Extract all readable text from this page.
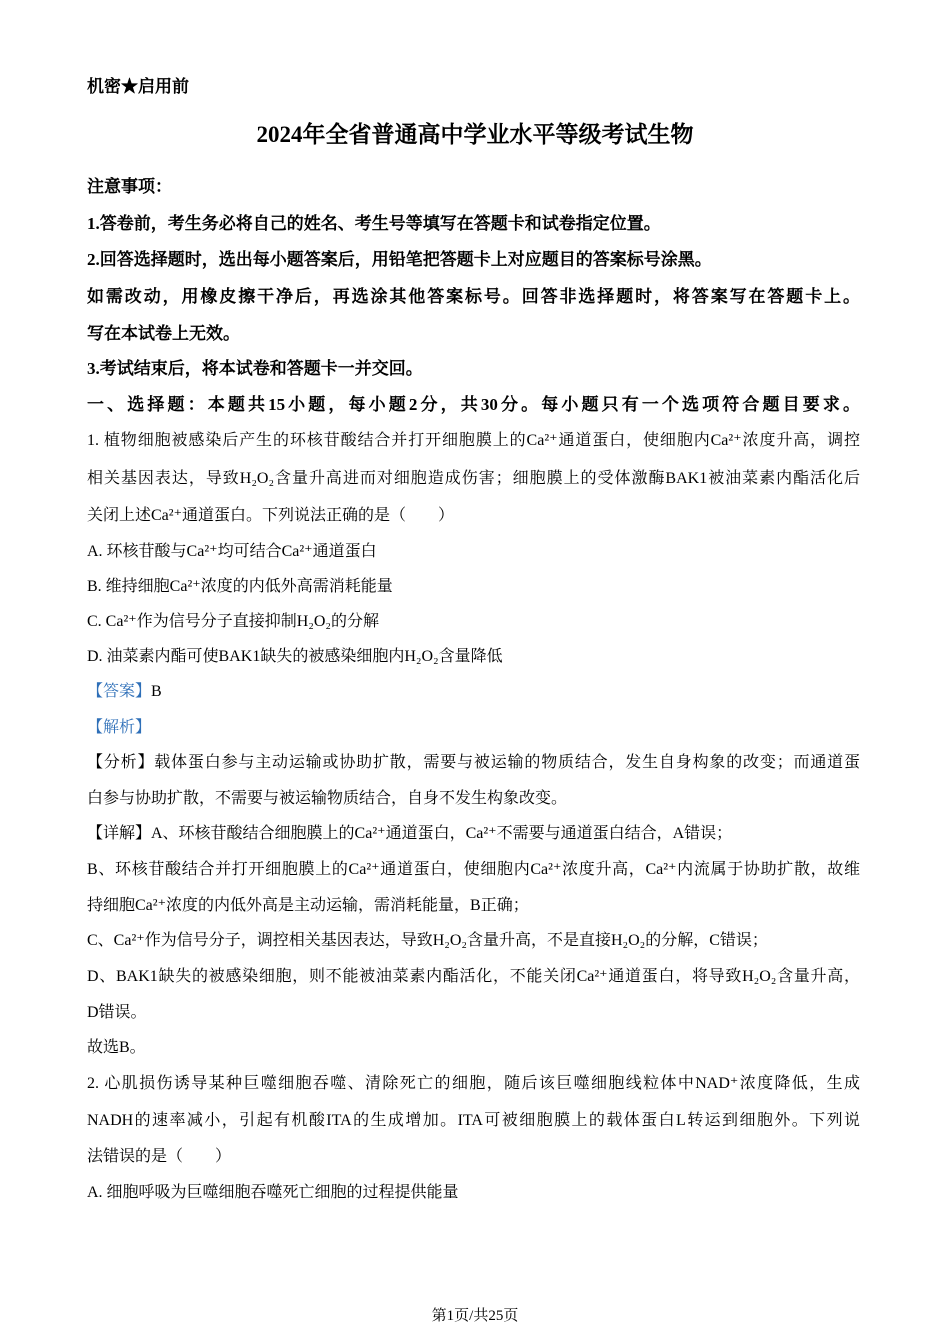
机密★启用前
2024年全省普通高中学业水平等级考试生物
注意事项：
1.答卷前，考生务必将自己的姓名、考生号等填写在答题卡和试卷指定位置。
2.回答选择题时，选出每小题答案后，用铅笔把答题卡上对应题目的答案标号涂黑。
如需改动，用橡皮擦干净后，再选涂其他答案标号。回答非选择题时，将答案写在答题卡上。
写在本试卷上无效。
3.考试结束后，将本试卷和答题卡一并交回。
一、选择题：本题共15小题，每小题2分，共30分。每小题只有一个选项符合题目要求。
1. 植物细胞被感染后产生的环核苷酸结合并打开细胞膜上的Ca²⁺通道蛋白，使细胞内Ca²⁺浓度升高，调控
相关基因表达，导致H₂O₂含量升高进而对细胞造成伤害；细胞膜上的受体激酶BAK1被油菜素内酯活化后
关闭上述Ca²⁺通道蛋白。下列说法正确的是（　　）
A. 环核苷酸与Ca²⁺均可结合Ca²⁺通道蛋白
B. 维持细胞Ca²⁺浓度的内低外高需消耗能量
C. Ca²⁺作为信号分子直接抑制H₂O₂的分解
D. 油菜素内酯可使BAK1缺失的被感染细胞内H₂O₂含量降低
【答案】B
【解析】
【分析】载体蛋白参与主动运输或协助扩散，需要与被运输的物质结合，发生自身构象的改变；而通道蛋
白参与协助扩散，不需要与被运输物质结合，自身不发生构象改变。
【详解】A、环核苷酸结合细胞膜上的Ca²⁺通道蛋白，Ca²⁺不需要与通道蛋白结合，A错误；
B、环核苷酸结合并打开细胞膜上的Ca²⁺通道蛋白，使细胞内Ca²⁺浓度升高，Ca²⁺内流属于协助扩散，故维
持细胞Ca²⁺浓度的内低外高是主动运输，需消耗能量，B正确；
C、Ca²⁺作为信号分子，调控相关基因表达，导致H₂O₂含量升高，不是直接H₂O₂的分解，C错误；
D、BAK1缺失的被感染细胞，则不能被油菜素内酯活化，不能关闭Ca²⁺通道蛋白，将导致H₂O₂含量升高，
D错误。
故选B。
2. 心肌损伤诱导某种巨噬细胞吞噬、清除死亡的细胞，随后该巨噬细胞线粒体中NAD⁺浓度降低，生成
NADH的速率减小，引起有机酸ITA的生成增加。ITA可被细胞膜上的载体蛋白L转运到细胞外。下列说
法错误的是（　　）
A. 细胞呼吸为巨噬细胞吞噬死亡细胞的过程提供能量
第1页/共25页
